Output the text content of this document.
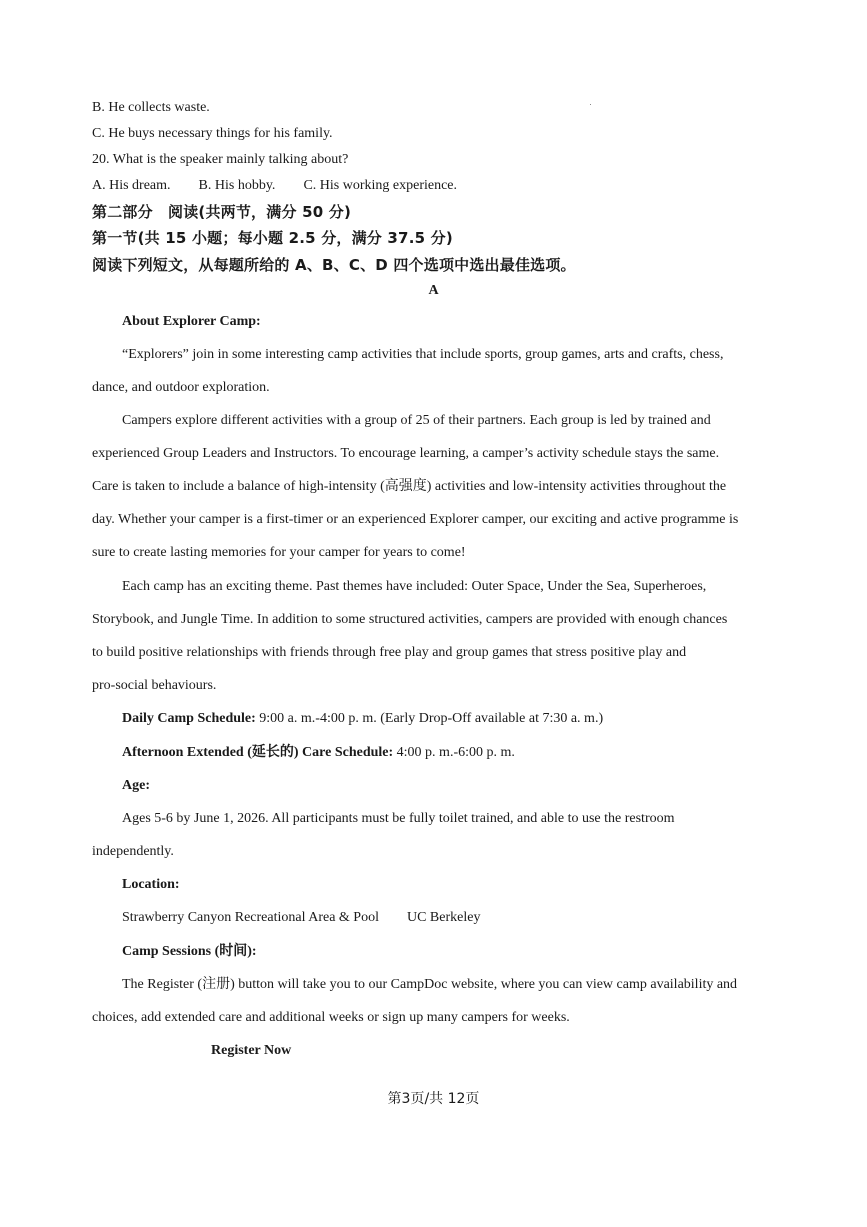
B. He collects waste.
C. He buys necessary things for his family.
20. What is the speaker mainly talking about?
A. His dream. B. His hobby. C. His working experience.
第二部分　阅读(共两节，满分 50 分)
第一节(共 15 小题；每小题 2.5 分，满分 37.5 分)
阅读下列短文，从每题所给的 A、B、C、D 四个选项中选出最佳选项。
A
About Explorer Camp:
“Explorers” join in some interesting camp activities that include sports, group games, arts and crafts, chess,
dance, and outdoor exploration.
Campers explore different activities with a group of 25 of their partners. Each group is led by trained and
experienced Group Leaders and Instructors. To encourage learning, a camper’s activity schedule stays the same.
Care is taken to include a balance of high-intensity (高强度) activities and low-intensity activities throughout the
day. Whether your camper is a first-timer or an experienced Explorer camper, our exciting and active programme is
sure to create lasting memories for your camper for years to come!
Each camp has an exciting theme. Past themes have included: Outer Space, Under the Sea, Superheroes,
Storybook, and Jungle Time. In addition to some structured activities, campers are provided with enough chances
to build positive relationships with friends through free play and group games that stress positive play and
pro-social behaviours.
Daily Camp Schedule: 9:00 a. m.-4:00 p. m. (Early Drop-Off available at 7:30 a. m.)
Afternoon Extended (延长的) Care Schedule: 4:00 p. m.-6:00 p. m.
Age:
Ages 5-6 by June 1, 2026. All participants must be fully toilet trained, and able to use the restroom
independently.
Location:
Strawberry Canyon Recreational Area & Pool UC Berkeley
Camp Sessions (时间):
The Register (注册) button will take you to our CampDoc website, where you can view camp availability and
choices, add extended care and additional weeks or sign up many campers for weeks.
Register Now
第3页/共 12页
